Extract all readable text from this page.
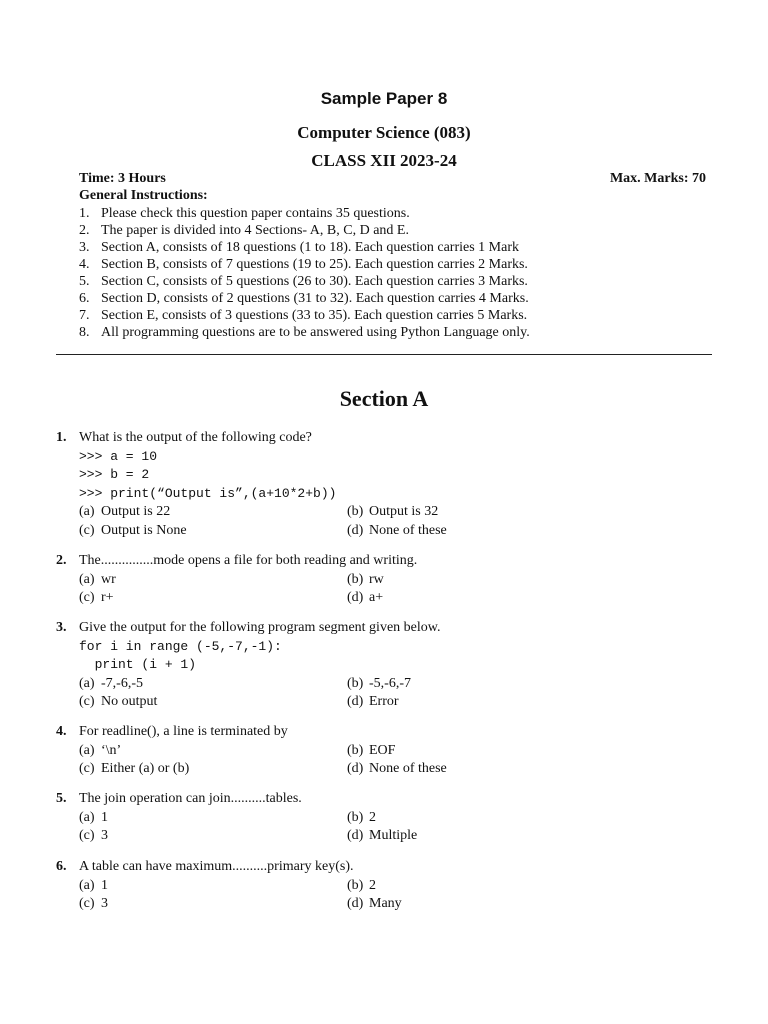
Sample Paper 8
Computer Science (083)
CLASS XII 2023-24
Time: 3 Hours	Max. Marks: 70
General Instructions:
1. Please check this question paper contains 35 questions.
2. The paper is divided into 4 Sections- A, B, C, D and E.
3. Section A, consists of 18 questions (1 to 18). Each question carries 1 Mark
4. Section B, consists of 7 questions (19 to 25). Each question carries 2 Marks.
5. Section C, consists of 5 questions (26 to 30). Each question carries 3 Marks.
6. Section D, consists of 2 questions (31 to 32). Each question carries 4 Marks.
7. Section E, consists of 3 questions (33 to 35). Each question carries 5 Marks.
8. All programming questions are to be answered using Python Language only.
Section A
1. What is the output of the following code?
>>> a = 10
>>> b = 2
>>> print(“Output is”,(a+10*2+b))
(a) Output is 22	(b) Output is 32
(c) Output is None	(d) None of these
2. The...............mode opens a file for both reading and writing.
(a) wr	(b) rw
(c) r+	(d) a+
3. Give the output for the following program segment given below.
for i in range (-5,-7,-1):
print (i + 1)
(a) -7,-6,-5	(b) -5,-6,-7
(c) No output	(d) Error
4. For readline(), a line is terminated by
(a) ‘\n’	(b) EOF
(c) Either (a) or (b)	(d) None of these
5. The join operation can join..........tables.
(a) 1	(b) 2
(c) 3	(d) Multiple
6. A table can have maximum..........primary key(s).
(a) 1	(b) 2
(c) 3	(d) Many
